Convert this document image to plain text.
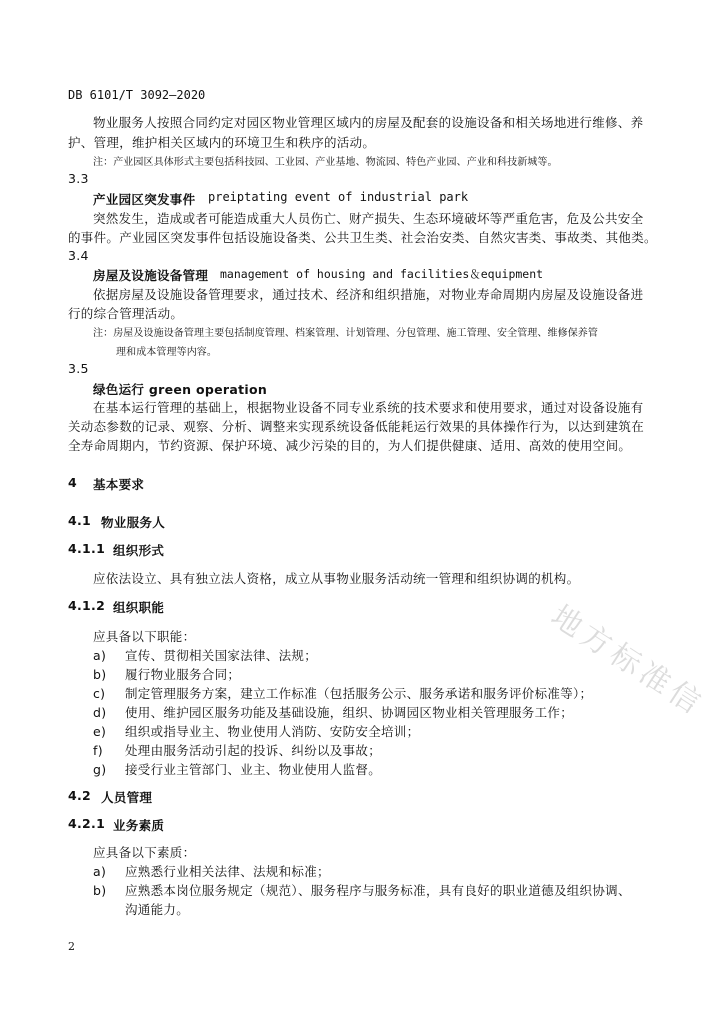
地方标准信
DB 6101/T 3092—2020
物业服务人按照合同约定对园区物业管理区域内的房屋及配套的设施设备和相关场地进行维修、养
护、管理，维护相关区域内的环境卫生和秩序的活动。
注：产业园区具体形式主要包括科技园、工业园、产业基地、物流园、特色产业园、产业和科技新城等。
3.3
产业园区突发事件 preiptating event of industrial park
突然发生，造成或者可能造成重大人员伤亡、财产损失、生态环境破坏等严重危害，危及公共安全
的事件。产业园区突发事件包括设施设备类、公共卫生类、社会治安类、自然灾害类、事故类、其他类。
3.4
房屋及设施设备管理 management of housing and facilities＆equipment
依据房屋及设施设备管理要求，通过技术、经济和组织措施，对物业寿命周期内房屋及设施设备进
行的综合管理活动。
注：房屋及设施设备管理主要包括制度管理、档案管理、计划管理、分包管理、施工管理、安全管理、维修保养管
理和成本管理等内容。
3.5
绿色运行 green operation
在基本运行管理的基础上，根据物业设备不同专业系统的技术要求和使用要求，通过对设备设施有
关动态参数的记录、观察、分析、调整来实现系统设备低能耗运行效果的具体操作行为，以达到建筑在
全寿命周期内，节约资源、保护环境、减少污染的目的，为人们提供健康、适用、高效的使用空间。
4 基本要求
4.1 物业服务人
4.1.1 组织形式
应依法设立、具有独立法人资格，成立从事物业服务活动统一管理和组织协调的机构。
4.1.2 组织职能
应具备以下职能：
a) 宣传、贯彻相关国家法律、法规；
b) 履行物业服务合同；
c) 制定管理服务方案，建立工作标准（包括服务公示、服务承诺和服务评价标准等）；
d) 使用、维护园区服务功能及基础设施，组织、协调园区物业相关管理服务工作；
e) 组织或指导业主、物业使用人消防、安防安全培训；
f) 处理由服务活动引起的投诉、纠纷以及事故；
g) 接受行业主管部门、业主、物业使用人监督。
4.2 人员管理
4.2.1 业务素质
应具备以下素质：
a) 应熟悉行业相关法律、法规和标准；
b) 应熟悉本岗位服务规定（规范）、服务程序与服务标准，具有良好的职业道德及组织协调、
沟通能力。
2
